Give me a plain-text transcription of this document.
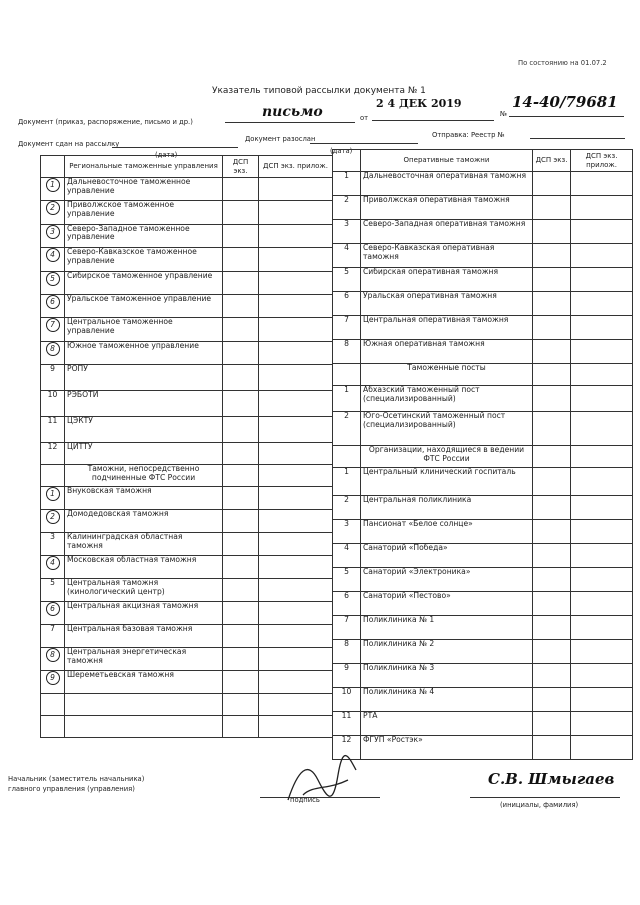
По состоянию на 01.07.2
Указатель типовой рассылки документа № 1
2 4 ДЕК 2019
Документ (приказ, распоряжение, письмо и др.)
письмо	от	№
14-40/79681
Документ сдан на рассылку
(дата)
Документ разослан
(дата)
Отправка: Реестр №
	Региональные таможенные управления	ДСП экз.	ДСП экз. прилож.
1	Дальневосточное таможенное управление		
2	Приволжское таможенное управление		
3	Северо-Западное таможенное управление		
4	Северо-Кавказское таможенное управление		
5	Сибирское таможенное управление		
6	Уральское таможенное управление		
7	Центральное таможенное управление		
8	Южное таможенное управление		
9	РОПУ		
10	РЭБОТИ		
11	ЦЭКТУ		
12	ЦИТТУ		
	Таможни, непосредственно подчиненные ФТС России		
1	Внуковская таможня		
2	Домодедовская таможня		
3	Калининградская областная таможня		
4	Московская областная таможня		
5	Центральная таможня (кинологический центр)		
6	Центральная акцизная таможня		
7	Центральная базовая таможня		
8	Центральная энергетическая таможня		
9	Шереметьевская таможня		

	Оперативные таможни	ДСП экз.	ДСП экз. прилож.
1	Дальневосточная оперативная таможня		
2	Приволжская оперативная таможня		
3	Северо-Западная оперативная таможня		
4	Северо-Кавказская оперативная таможня		
5	Сибирская оперативная таможня		
6	Уральская оперативная таможня		
7	Центральная оперативная таможня		
8	Южная оперативная таможня		
	Таможенные посты		
1	Абхазский таможенный пост (специализированный)		
2	Юго-Осетинский таможенный пост (специализированный)		
	Организации, находящиеся в ведении ФТС России		
1	Центральный клинический госпиталь		
2	Центральная поликлиника		
3	Пансионат «Белое солнце»		
4	Санаторий «Победа»		
5	Санаторий «Электроника»		
6	Санаторий «Пестово»		
7	Поликлиника № 1		
8	Поликлиника № 2		
9	Поликлиника № 3		
10	Поликлиника № 4		
11	РТА		
12	ФГУП «Ростэк»		
Начальник (заместитель начальника)
главного управления (управления)
подпись
С.В. Шмыгаев
(инициалы, фамилия)
